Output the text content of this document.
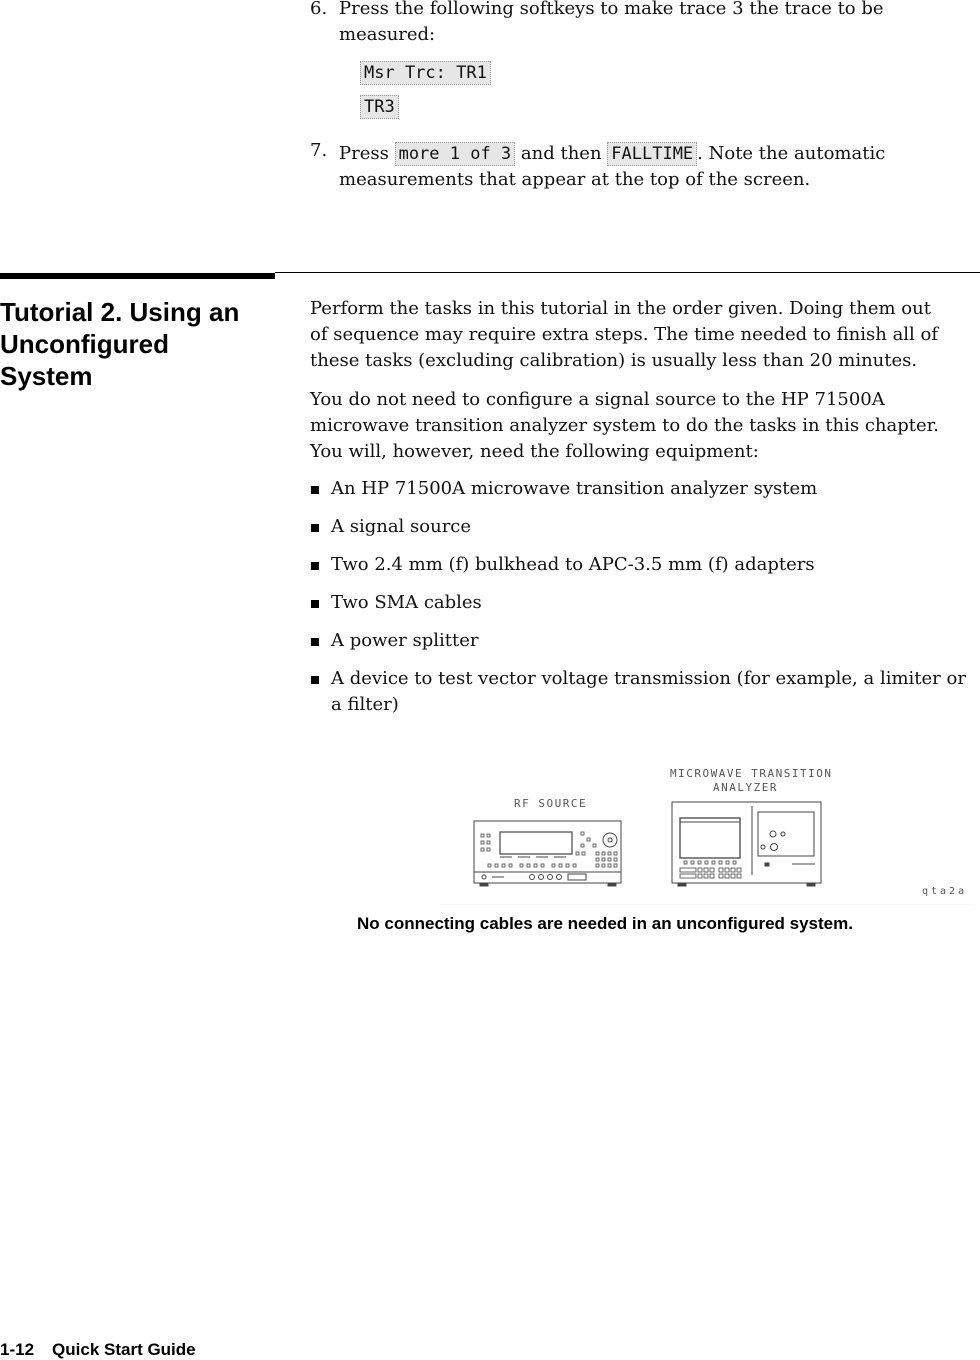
6. Press the following softkeys to make trace 3 the trace to be
measured:
Msr Trc: TR1
TR3
7. Press more 1 of 3 and then FALLTIME . Note the automatic
measurements that appear at the top of the screen.
Tutorial 2. Using an
Unconfigured
System
Perform the tasks in this tutorial in the order given. Doing them out
of sequence may require extra steps. The time needed to finish all of
these tasks (excluding calibration) is usually less than 20 minutes.
You do not need to configure a signal source to the HP 71500A
microwave transition analyzer system to do the tasks in this chapter.
You will, however, need the following equipment:
An HP 71500A microwave transition analyzer system
A signal source
Two 2.4 mm (f) bulkhead to APC-3.5 mm (f) adapters
Two SMA cables
A power splitter
A device to test vector voltage transmission (for example, a limiter or a filter)
RF SOURCE
MICROWAVE TRANSITION
ANALYZER
qta2a
No connecting cables are needed in an unconfigured system.
1-12 Quick Start Guide
